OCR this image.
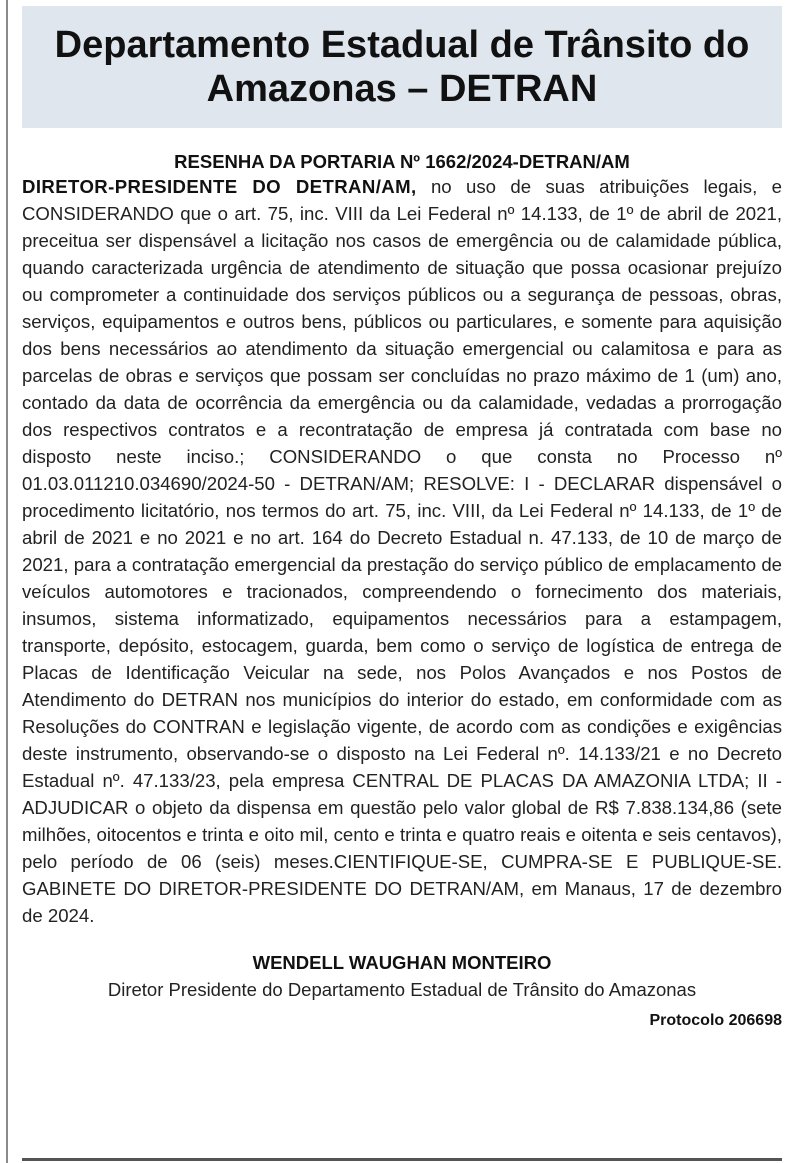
Departamento Estadual de Trânsito do Amazonas – DETRAN
RESENHA DA PORTARIA Nº 1662/2024-DETRAN/AM

DIRETOR-PRESIDENTE DO DETRAN/AM, no uso de suas atribuições legais, e CONSIDERANDO que o art. 75, inc. VIII da Lei Federal nº 14.133, de 1º de abril de 2021, preceitua ser dispensável a licitação nos casos de emergência ou de calamidade pública, quando caracterizada urgência de atendimento de situação que possa ocasionar prejuízo ou comprometer a continuidade dos serviços públicos ou a segurança de pessoas, obras, serviços, equipamentos e outros bens, públicos ou particulares, e somente para aquisição dos bens necessários ao atendimento da situação emergencial ou calamitosa e para as parcelas de obras e serviços que possam ser concluídas no prazo máximo de 1 (um) ano, contado da data de ocorrência da emergência ou da calamidade, vedadas a prorrogação dos respectivos contratos e a recontratação de empresa já contratada com base no disposto neste inciso.; CONSIDERANDO o que consta no Processo nº 01.03.011210.034690/2024-50 - DETRAN/AM; RESOLVE: I - DECLARAR dispensável o procedimento licitatório, nos termos do art. 75, inc. VIII, da Lei Federal nº 14.133, de 1º de abril de 2021 e no 2021 e no art. 164 do Decreto Estadual n. 47.133, de 10 de março de 2021, para a contratação emergencial da prestação do serviço público de emplacamento de veículos automotores e tracionados, compreendendo o fornecimento dos materiais, insumos, sistema informatizado, equipamentos necessários para a estampagem, transporte, depósito, estocagem, guarda, bem como o serviço de logística de entrega de Placas de Identificação Veicular na sede, nos Polos Avançados e nos Postos de Atendimento do DETRAN nos municípios do interior do estado, em conformidade com as Resoluções do CONTRAN e legislação vigente, de acordo com as condições e exigências deste instrumento, observando-se o disposto na Lei Federal nº. 14.133/21 e no Decreto Estadual nº. 47.133/23, pela empresa CENTRAL DE PLACAS DA AMAZONIA LTDA; II - ADJUDICAR o objeto da dispensa em questão pelo valor global de R$ 7.838.134,86 (sete milhões, oitocentos e trinta e oito mil, cento e trinta e quatro reais e oitenta e seis centavos), pelo período de 06 (seis) meses.CIENTIFIQUE-SE, CUMPRA-SE E PUBLIQUE-SE. GABINETE DO DIRETOR-PRESIDENTE DO DETRAN/AM, em Manaus, 17 de dezembro de 2024.

WENDELL WAUGHAN MONTEIRO
Diretor Presidente do Departamento Estadual de Trânsito do Amazonas
Protocolo 206698
